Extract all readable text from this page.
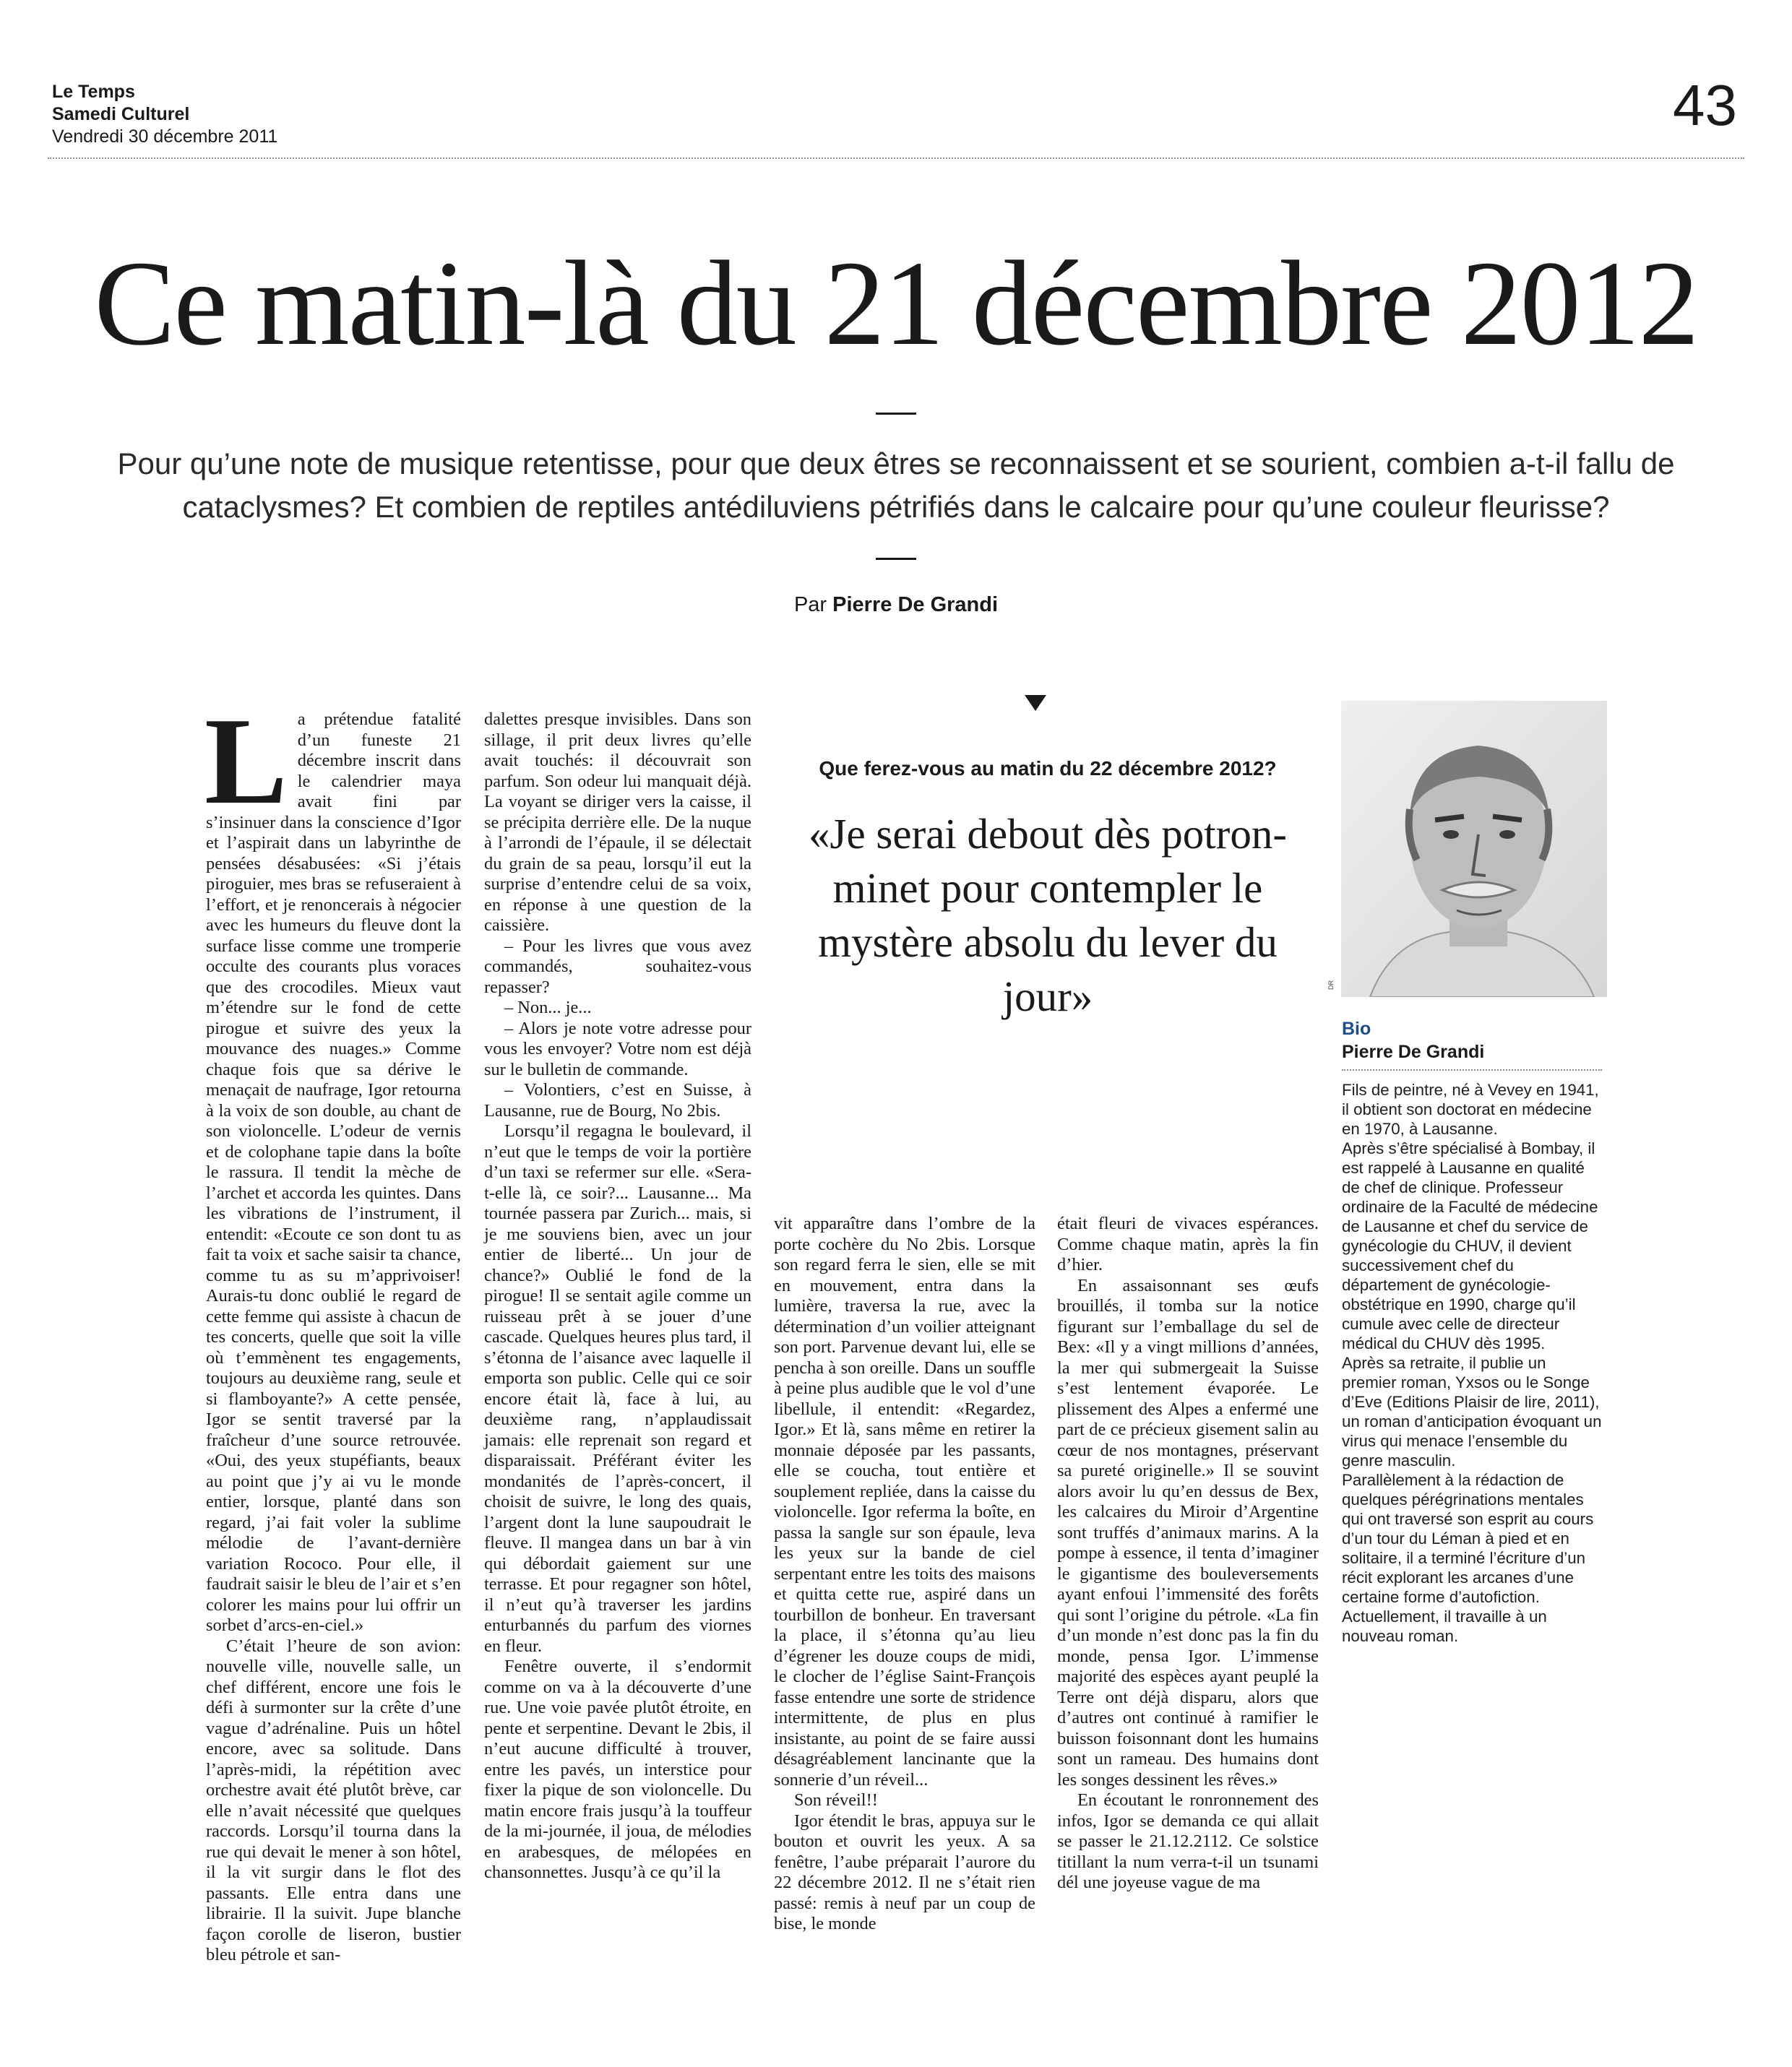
Le Temps
Samedi Culturel
Vendredi 30 décembre 2011	43
Ce matin-là du 21 décembre 2012

Pour qu’une note de musique retentisse, pour que deux êtres se reconnaissent et se sourient, combien a-t-il fallu de cataclysmes? Et combien de reptiles antédiluviens pétrifiés dans le calcaire pour qu’une couleur fleurisse?

Par Pierre De Grandi

L a prétendue fatalité d’un funeste 21 décembre inscrit dans le calendrier maya avait fini par s’insinuer dans la conscience d’Igor et l’aspirait dans un labyrinthe de pensées désabusées: «Si j’étais piroguier, mes bras se refuseraient à l’effort, et je renoncerais à négocier avec les humeurs du fleuve dont la surface lisse comme une tromperie occulte des courants plus voraces que des crocodiles. Mieux vaut m’étendre sur le fond de cette pirogue et suivre des yeux la mouvance des nuages.» Comme chaque fois que sa dérive le menaçait de naufrage, Igor retourna à la voix de son double, au chant de son violoncelle. L’odeur de vernis et de colophane tapie dans la boîte le rassura. Il tendit la mèche de l’archet et accorda les quintes. Dans les vibrations de l’instrument, il entendit: «Ecoute ce son dont tu as fait ta voix et sache saisir ta chance, comme tu as su m’apprivoiser! Aurais-tu donc oublié le regard de cette femme qui assiste à chacun de tes concerts, quelle que soit la ville où t’emmènent tes engagements, toujours au deuxième rang, seule et si flamboyante?» A cette pensée, Igor se sentit traversé par la fraîcheur d’une source retrouvée. «Oui, des yeux stupéfiants, beaux au point que j’y ai vu le monde entier, lorsque, planté dans son regard, j’ai fait voler la sublime mélodie de l’avant-dernière variation Rococo. Pour elle, il faudrait saisir le bleu de l’air et s’en colorer les mains pour lui offrir un sorbet d’arcs-en-ciel.»

C’était l’heure de son avion: nouvelle ville, nouvelle salle, un chef différent, encore une fois le défi à surmonter sur la crête d’une vague d’adrénaline. Puis un hôtel encore, avec sa solitude. Dans l’après-midi, la répétition avec orchestre avait été plutôt brève, car elle n’avait nécessité que quelques raccords. Lorsqu’il tourna dans la rue qui devait le mener à son hôtel, il la vit surgir dans le flot des passants. Elle entra dans une librairie. Il la suivit. Jupe blanche façon corolle de liseron, bustier bleu pétrole et san-

dalettes presque invisibles. Dans son sillage, il prit deux livres qu’elle avait touchés: il découvrait son parfum. Son odeur lui manquait déjà. La voyant se diriger vers la caisse, il se précipita derrière elle. De la nuque à l’arrondi de l’épaule, il se délectait du grain de sa peau, lorsqu’il eut la surprise d’entendre celui de sa voix, en réponse à une question de la caissière.

– Pour les livres que vous avez commandés, souhaitez-vous repasser?

– Non... je...

– Alors je note votre adresse pour vous les envoyer? Votre nom est déjà sur le bulletin de commande.

– Volontiers, c’est en Suisse, à Lausanne, rue de Bourg, No 2bis.

Lorsqu’il regagna le boulevard, il n’eut que le temps de voir la portière d’un taxi se refermer sur elle. «Sera-t-elle là, ce soir?... Lausanne... Ma tournée passera par Zurich... mais, si je me souviens bien, avec un jour entier de liberté... Un jour de chance?» Oublié le fond de la pirogue! Il se sentait agile comme un ruisseau prêt à se jouer d’une cascade. Quelques heures plus tard, il s’étonna de l’aisance avec laquelle il emporta son public. Celle qui ce soir encore était là, face à lui, au deuxième rang, n’applaudissait jamais: elle reprenait son regard et disparaissait. Préférant éviter les mondanités de l’après-concert, il choisit de suivre, le long des quais, l’argent dont la lune saupoudrait le fleuve. Il mangea dans un bar à vin qui débordait gaiement sur une terrasse. Et pour regagner son hôtel, il n’eut qu’à traverser les jardins enturbannés du parfum des viornes en fleur.

Fenêtre ouverte, il s’endormit comme on va à la découverte d’une rue. Une voie pavée plutôt étroite, en pente et serpentine. Devant le 2bis, il n’eut aucune difficulté à trouver, entre les pavés, un interstice pour fixer la pique de son violoncelle. Du matin encore frais jusqu’à la touffeur de la mi-journée, il joua, de mélodies en arabesques, de mélopées en chansonnettes. Jusqu’à ce qu’il la

Que ferez-vous au matin du 22 décembre 2012?
«Je serai debout dès potron-minet pour contempler le mystère absolu du lever du jour»

vit apparaître dans l’ombre de la porte cochère du No 2bis. Lorsque son regard ferra le sien, elle se mit en mouvement, entra dans la lumière, traversa la rue, avec la détermination d’un voilier atteignant son port. Parvenue devant lui, elle se pencha à son oreille. Dans un souffle à peine plus audible que le vol d’une libellule, il entendit: «Regardez, Igor.» Et là, sans même en retirer la monnaie déposée par les passants, elle se coucha, tout entière et souplement repliée, dans la caisse du violoncelle. Igor referma la boîte, en passa la sangle sur son épaule, leva les yeux sur la bande de ciel serpentant entre les toits des maisons et quitta cette rue, aspiré dans un tourbillon de bonheur. En traversant la place, il s’étonna qu’au lieu d’égrener les douze coups de midi, le clocher de l’église Saint-François fasse entendre une sorte de stridence intermittente, de plus en plus insistante, au point de se faire aussi désagréablement lancinante que la sonnerie d’un réveil...

Son réveil!!

Igor étendit le bras, appuya sur le bouton et ouvrit les yeux. A sa fenêtre, l’aube préparait l’aurore du 22 décembre 2012. Il ne s’était rien passé: remis à neuf par un coup de bise, le monde

était fleuri de vivaces espérances. Comme chaque matin, après la fin d’hier.

En assaisonnant ses œufs brouillés, il tomba sur la notice figurant sur l’emballage du sel de Bex: «Il y a vingt millions d’années, la mer qui submergeait la Suisse s’est lentement évaporée. Le plissement des Alpes a enfermé une part de ce précieux gisement salin au cœur de nos montagnes, préservant sa pureté originelle.» Il se souvint alors avoir lu qu’en dessus de Bex, les calcaires du Miroir d’Argentine sont truffés d’animaux marins. A la pompe à essence, il tenta d’imaginer le gigantisme des bouleversements ayant enfoui l’immensité des forêts qui sont l’origine du pétrole. «La fin d’un monde n’est donc pas la fin du monde, pensa Igor. L’immense majorité des espèces ayant peuplé la Terre ont déjà disparu, alors que d’autres ont continué à ramifier le buisson foisonnant dont les humains sont un rameau. Des humains dont les songes dessinent les rêves.»

En écoutant le ronronnement des infos, Igor se demanda ce qui allait se passer le 21.12.2112. Ce solstice titillant la num verra-t-il un tsunami dél une joyeuse vague de ma

DR
Bio
Pierre De Grandi

Fils de peintre, né à Vevey en 1941, il obtient son doctorat en médecine en 1970, à Lausanne.

Après s’être spécialisé à Bombay, il est rappelé à Lausanne en qualité de chef de clinique. Professeur ordinaire de la Faculté de médecine de Lausanne et chef du service de gynécologie du CHUV, il devient successivement chef du département de gynécologie-obstétrique en 1990, charge qu’il cumule avec celle de directeur médical du CHUV dès 1995.

Après sa retraite, il publie un premier roman, Yxsos ou le Songe d’Eve (Editions Plaisir de lire, 2011), un roman d’anticipation évoquant un virus qui menace l’ensemble du genre masculin.

Parallèlement à la rédaction de quelques pérégrinations mentales qui ont traversé son esprit au cours d’un tour du Léman à pied et en solitaire, il a terminé l’écriture d’un récit explorant les arcanes d’une certaine forme d’autofiction. Actuellement, il travaille à un nouveau roman.
